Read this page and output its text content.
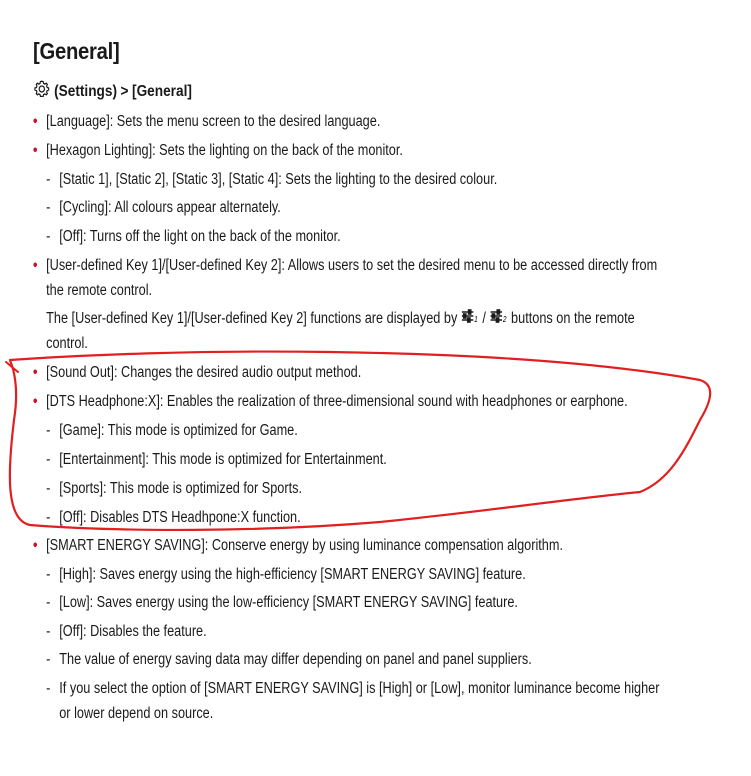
[General]
(Settings) > [General]
• [Language]: Sets the menu screen to the desired language.
• [Hexagon Lighting]: Sets the lighting on the back of the monitor.
- [Static 1], [Static 2], [Static 3], [Static 4]: Sets the lighting to the desired colour.
- [Cycling]: All colours appear alternately.
- [Off]: Turns off the light on the back of the monitor.
• [User-defined Key 1]/[User-defined Key 2]: Allows users to set the desired menu to be accessed directly from
the remote control.
The [User-defined Key 1]/[User-defined Key 2] functions are displayed by 1 / 2 buttons on the remote
control.
• [Sound Out]: Changes the desired audio output method.
• [DTS Headphone:X]: Enables the realization of three-dimensional sound with headphones or earphone.
- [Game]: This mode is optimized for Game.
- [Entertainment]: This mode is optimized for Entertainment.
- [Sports]: This mode is optimized for Sports.
- [Off]: Disables DTS Headhpone:X function.
• [SMART ENERGY SAVING]: Conserve energy by using luminance compensation algorithm.
- [High]: Saves energy using the high-efficiency [SMART ENERGY SAVING] feature.
- [Low]: Saves energy using the low-efficiency [SMART ENERGY SAVING] feature.
- [Off]: Disables the feature.
- The value of energy saving data may differ depending on panel and panel suppliers.
- If you select the option of [SMART ENERGY SAVING] is [High] or [Low], monitor luminance become higher
or lower depend on source.
